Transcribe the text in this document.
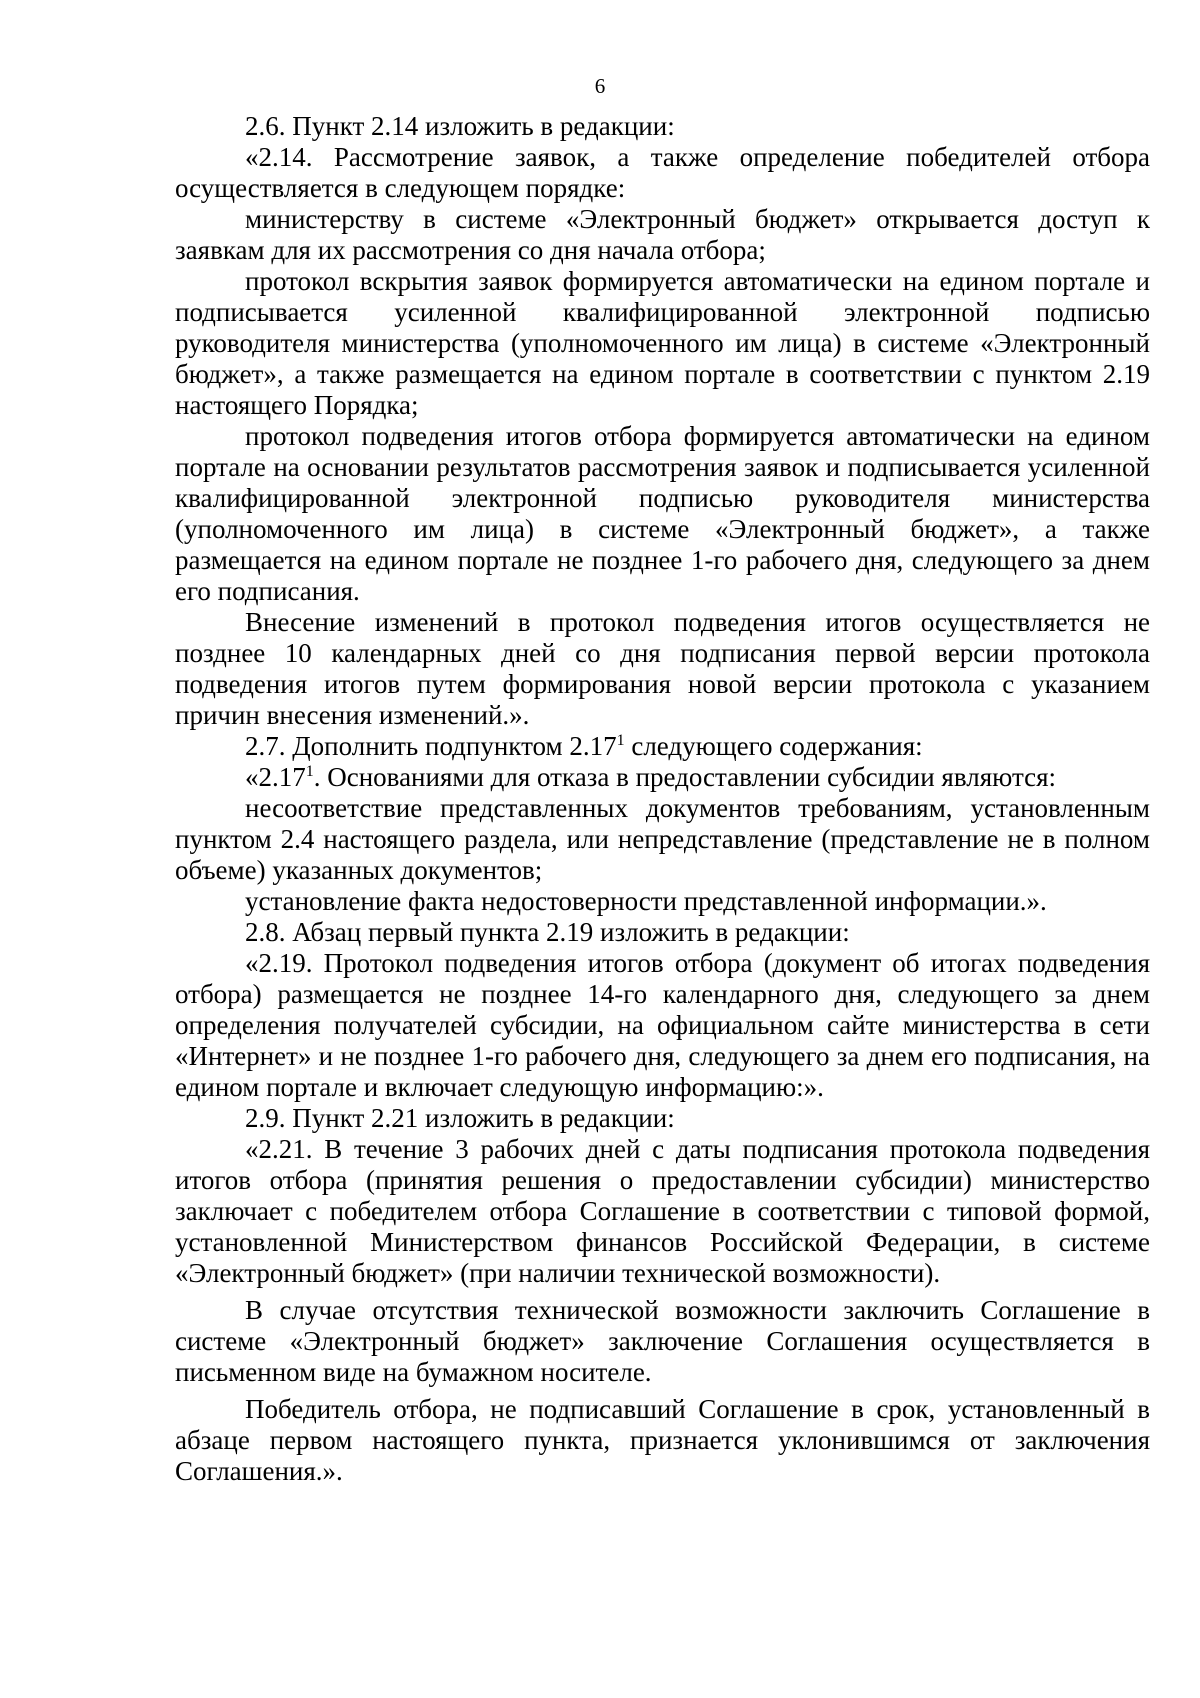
6

2.6. Пункт 2.14 изложить в редакции:

«2.14. Рассмотрение заявок, а также определение победителей отбора осуществляется в следующем порядке:

министерству в системе «Электронный бюджет» открывается доступ к заявкам для их рассмотрения со дня начала отбора;

протокол вскрытия заявок формируется автоматически на едином портале и подписывается усиленной квалифицированной электронной подписью руководителя министерства (уполномоченного им лица) в системе «Электронный бюджет», а также размещается на едином портале в соответствии с пунктом 2.19 настоящего Порядка;

протокол подведения итогов отбора формируется автоматически на едином портале на основании результатов рассмотрения заявок и подписывается усиленной квалифицированной электронной подписью руководителя министерства (уполномоченного им лица) в системе «Электронный бюджет», а также размещается на едином портале не позднее 1-го рабочего дня, следующего за днем его подписания.

Внесение изменений в протокол подведения итогов осуществляется не позднее 10 календарных дней со дня подписания первой версии протокола подведения итогов путем формирования новой версии протокола с указанием причин внесения изменений.».

2.7. Дополнить подпунктом 2.17$^1$ следующего содержания:

«2.17$^1$. Основаниями для отказа в предоставлении субсидии являются:

несоответствие представленных документов требованиям, установленным пунктом 2.4 настоящего раздела, или непредставление (представление не в полном объеме) указанных документов;

установление факта недостоверности представленной информации.».

2.8. Абзац первый пункта 2.19 изложить в редакции:

«2.19. Протокол подведения итогов отбора (документ об итогах подведения отбора) размещается не позднее 14-го календарного дня, следующего за днем определения получателей субсидии, на официальном сайте министерства в сети «Интернет» и не позднее 1-го рабочего дня, следующего за днем его подписания, на едином портале и включает следующую информацию:».

2.9. Пункт 2.21 изложить в редакции:

«2.21. В течение 3 рабочих дней с даты подписания протокола подведения итогов отбора (принятия решения о предоставлении субсидии) министерство заключает с победителем отбора Соглашение в соответствии с типовой формой, установленной Министерством финансов Российской Федерации, в системе «Электронный бюджет» (при наличии технической возможности).

В случае отсутствия технической возможности заключить Соглашение в системе «Электронный бюджет» заключение Соглашения осуществляется в письменном виде на бумажном носителе.

Победитель отбора, не подписавший Соглашение в срок, установленный в абзаце первом настоящего пункта, признается уклонившимся от заключения Соглашения.».
